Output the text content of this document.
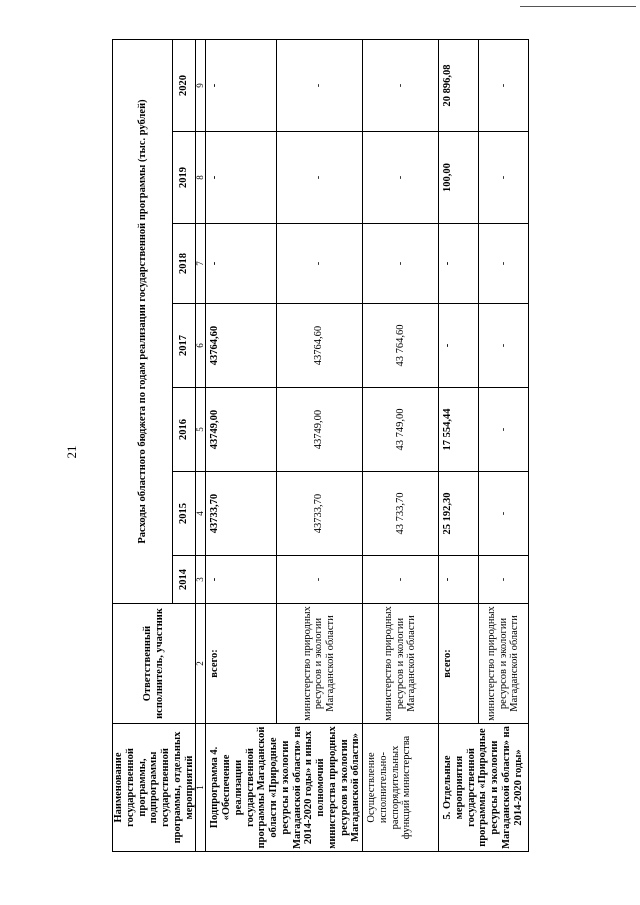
21
Наименование государственной программы, подпрограммы государственной программы, отдельных мероприятий	Ответственный исполнитель, участник	Расходы областного бюджета по годам реализации государственной программы (тыс. рублей)						
		2014	2015	2016	2017	2018	2019	2020
1	2	3	4	5	6	7	8	9
Подпрограмма 4. «Обеспечение реализации государственной программы Магаданской области «Природные ресурсы и экологии Магаданской области» на 2014-2020 годы» и иных полномочий министерства природных ресурсов и экологии Магаданской области»	всего:	-	43733,70	43749,00	43764,60	-	-	-
	министерство природных ресурсов и экологии Магаданской области	-	43733,70	43749,00	43764,60	-	-	-
Осуществление исполнительно-распорядительных функций министерства	министерство природных ресурсов и экологии Магаданской области	-	43 733,70	43 749,00	43 764,60	-	-	-
5. Отдельные мероприятия государственной программы «Природные ресурсы и экологии Магаданской области» на 2014-2020 годы»	всего:	-	25 192,30	17 554,44	-	-	100,00	20 896,08
	министерство природных ресурсов и экологии Магаданской области	-	-	-	-	-	-	-
